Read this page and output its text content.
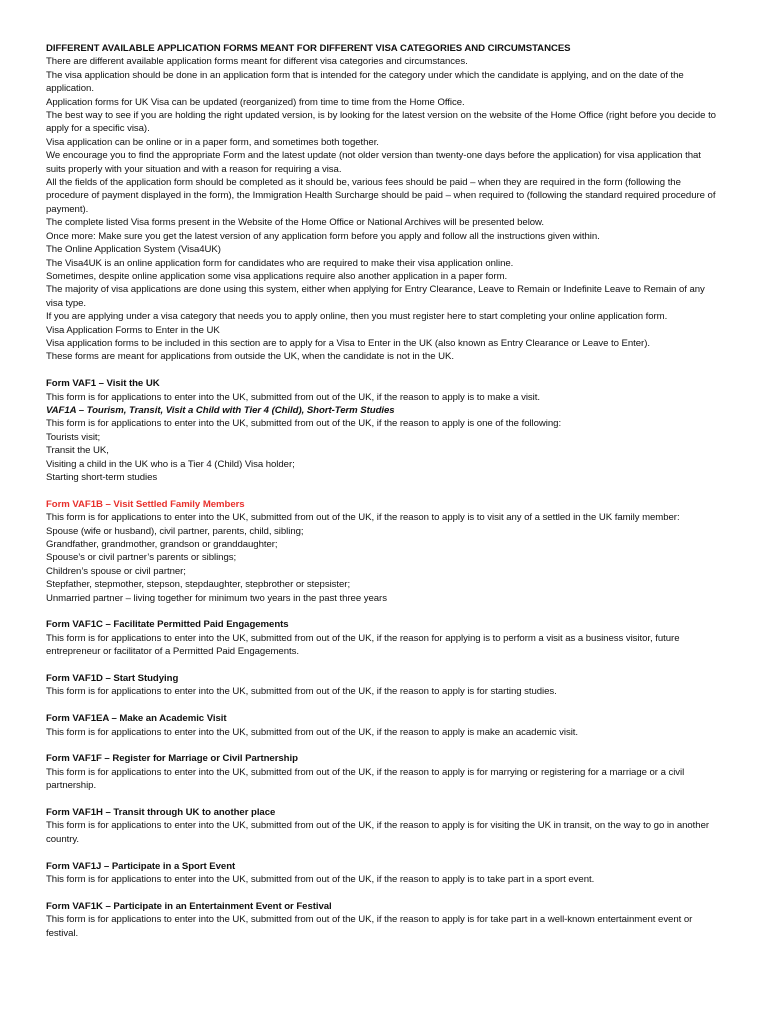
DIFFERENT AVAILABLE APPLICATION FORMS MEANT FOR DIFFERENT VISA CATEGORIES AND CIRCUMSTANCES

There are different available application forms meant for different visa categories and circumstances.

The visa application should be done in an application form that is intended for the category under which the candidate is applying, and on the date of the application.

Application forms for UK Visa can be updated (reorganized) from time to time from the Home Office.

The best way to see if you are holding the right updated version, is by looking for the latest version on the website of the Home Office (right before you decide to apply for a specific visa).

Visa application can be online or in a paper form, and sometimes both together.

We encourage you to find the appropriate Form and the latest update (not older version than twenty-one days before the application) for visa application that suits properly with your situation and with a reason for requiring a visa.

All the fields of the application form should be completed as it should be, various fees should be paid – when they are required in the form (following the procedure of payment displayed in the form), the Immigration Health Surcharge should be paid – when required to (following the standard required procedure of payment).

The complete listed Visa forms present in the Website of the Home Office or National Archives will be presented below.

Once more: Make sure you get the latest version of any application form before you apply and follow all the instructions given within.

The Online Application System (Visa4UK)

The Visa4UK is an online application form for candidates who are required to make their visa application online.

Sometimes, despite online application some visa applications require also another application in a paper form.

The majority of visa applications are done using this system, either when applying for Entry Clearance, Leave to Remain or Indefinite Leave to Remain of any visa type.

If you are applying under a visa category that needs you to apply online, then you must register here to start completing your online application form.

Visa Application Forms to Enter in the UK

Visa application forms to be included in this section are to apply for a Visa to Enter in the UK (also known as Entry Clearance or Leave to Enter).

These forms are meant for applications from outside the UK, when the candidate is not in the UK.

Form VAF1 – Visit the UK

This form is for applications to enter into the UK, submitted from out of the UK, if the reason to apply is to make a visit.

VAF1A – Tourism, Transit, Visit a Child with Tier 4 (Child), Short-Term Studies

This form is for applications to enter into the UK, submitted from out of the UK, if the reason to apply is one of the following:

Tourists visit;

Transit the UK,

Visiting a child in the UK who is a Tier 4 (Child) Visa holder;

Starting short-term studies

Form VAF1B – Visit Settled Family Members

This form is for applications to enter into the UK, submitted from out of the UK, if the reason to apply is to visit any of a settled in the UK family member:

Spouse (wife or husband), civil partner, parents, child, sibling;

Grandfather, grandmother, grandson or granddaughter;

Spouse’s or civil partner’s parents or siblings;

Children’s spouse or civil partner;

Stepfather, stepmother, stepson, stepdaughter, stepbrother or stepsister;

Unmarried partner – living together for minimum two years in the past three years

Form VAF1C – Facilitate Permitted Paid Engagements

This form is for applications to enter into the UK, submitted from out of the UK, if the reason for applying is to perform a visit as a business visitor, future entrepreneur or facilitator of a Permitted Paid Engagements.

Form VAF1D – Start Studying

This form is for applications to enter into the UK, submitted from out of the UK, if the reason to apply is for starting studies.

Form VAF1EA – Make an Academic Visit

This form is for applications to enter into the UK, submitted from out of the UK, if the reason to apply is make an academic visit.

Form VAF1F – Register for Marriage or Civil Partnership

This form is for applications to enter into the UK, submitted from out of the UK, if the reason to apply is for marrying or registering for a marriage or a civil partnership.

Form VAF1H – Transit through UK to another place

This form is for applications to enter into the UK, submitted from out of the UK, if the reason to apply is for visiting the UK in transit, on the way to go in another country.

Form VAF1J – Participate in a Sport Event

This form is for applications to enter into the UK, submitted from out of the UK, if the reason to apply is to take part in a sport event.

Form VAF1K – Participate in an Entertainment Event or Festival

This form is for applications to enter into the UK, submitted from out of the UK, if the reason to apply is for take part in a well-known entertainment event or festival.
